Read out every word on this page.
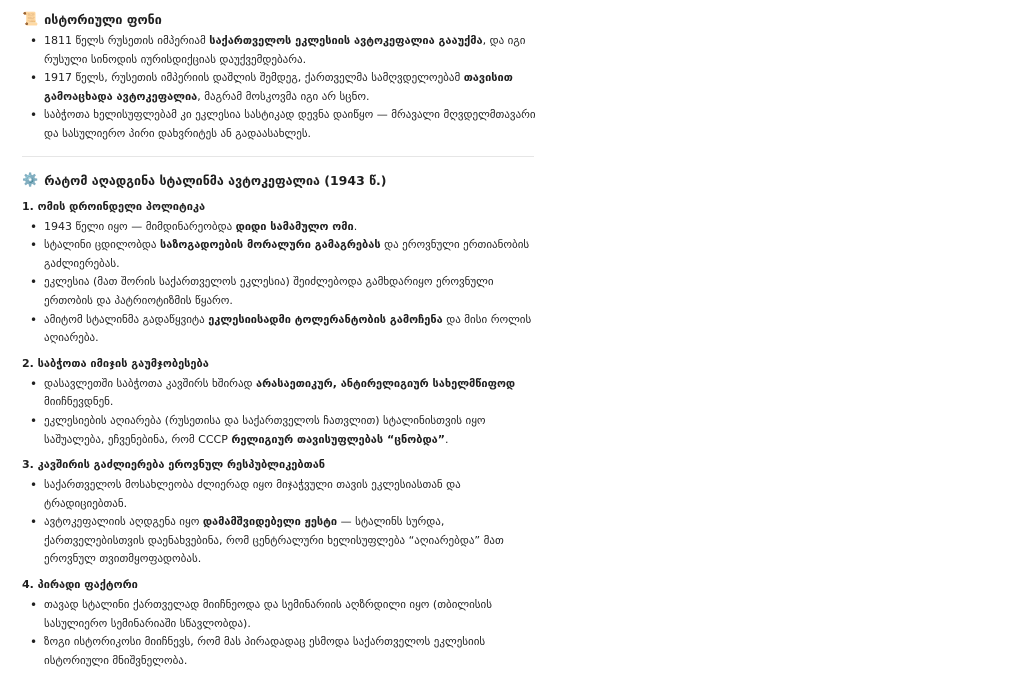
📜 ისტორიული ფონი
• 1811 წელს რუსეთის იმპერიამ საქართველოს ეკლესიის ავტოკეფალია გააუქმა, და იგი რუსული სინოდის იურისდიქციას დაუქვემდებარა.
• 1917 წელს, რუსეთის იმპერიის დაშლის შემდეგ, ქართველმა სამღვდელოებამ თავისით გამოაცხადა ავტოკეფალია, მაგრამ მოსკოვმა იგი არ სცნო.
• საბჭოთა ხელისუფლებამ კი ეკლესია სასტიკად დევნა დაიწყო — მრავალი მღვდელმთავარი და სასულიერო პირი დახვრიტეს ან გადაასახლეს.
⚙️ რატომ აღადგინა სტალინმა ავტოკეფალია (1943 წ.)
1. ომის დროინდელი პოლიტიკა
• 1943 წელი იყო — მიმდინარეობდა დიდი სამამულო ომი.
• სტალინი ცდილობდა საზოგადოების მორალური გამაგრებას და ეროვნული ერთიანობის გაძლიერებას.
• ეკლესია (მათ შორის საქართველოს ეკლესია) შეიძლებოდა გამხდარიყო ეროვნული ერთობის და პატრიოტიზმის წყარო.
• ამიტომ სტალინმა გადაწყვიტა ეკლესიისადმი ტოლერანტობის გამოჩენა და მისი როლის აღიარება.
2. საბჭოთა იმიჯის გაუმჯობესება
• დასავლეთში საბჭოთა კავშირს ხშირად არასაეთიკურ, ანტირელიგიურ სახელმწიფოდ მიიჩნევდნენ.
• ეკლესიების აღიარება (რუსეთისა და საქართველოს ჩათვლით) სტალინისთვის იყო საშუალება, ეჩვენებინა, რომ CCCP რელიგიურ თავისუფლებას “ცნობდა”.
3. კავშირის გაძლიერება ეროვნულ რესპუბლიკებთან
• საქართველოს მოსახლეობა ძლიერად იყო მიჯაჭვული თავის ეკლესიასთან და ტრადიციებთან.
• ავტოკეფალიის აღდგენა იყო დამამშვიდებელი ჟესტი — სტალინს სურდა, ქართველებისთვის დაენახვებინა, რომ ცენტრალური ხელისუფლება “აღიარებდა” მათ ეროვნულ თვითმყოფადობას.
4. პირადი ფაქტორი
• თავად სტალინი ქართველად მიიჩნეოდა და სემინარიის აღზრდილი იყო (თბილისის სასულიერო სემინარიაში სწავლობდა).
• ზოგი ისტორიკოსი მიიჩნევს, რომ მას პირადადაც ესმოდა საქართველოს ეკლესიის ისტორიული მნიშვნელობა.
